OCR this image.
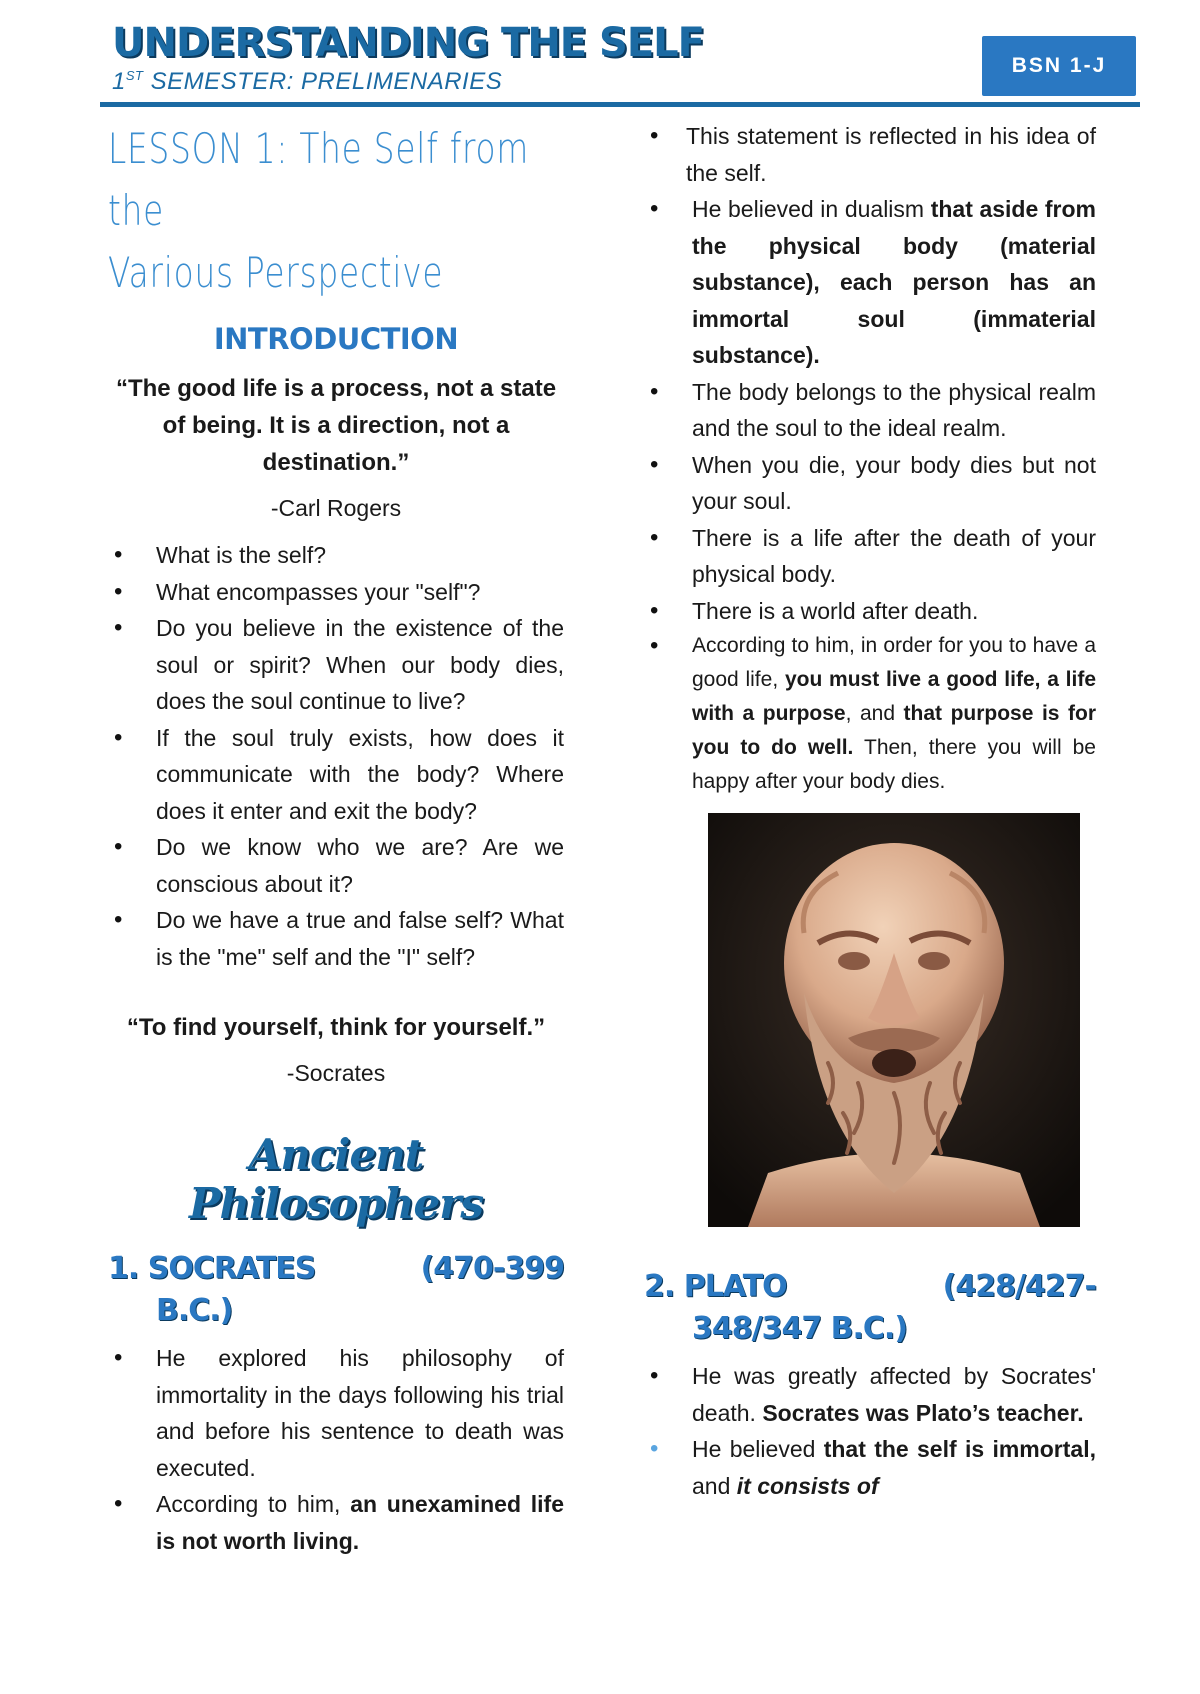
UNDERSTANDING THE SELF

1ST SEMESTER: PRELIMENARIES

BSN 1-J
LESSON 1: The Self from the
Various Perspective
INTRODUCTION

“The good life is a process, not a state of being. It is a direction, not a destination.”

-Carl Rogers

• What is the self?
• What encompasses your "self"?
• Do you believe in the existence of the soul or spirit? When our body dies, does the soul continue to live?
• If the soul truly exists, how does it communicate with the body? Where does it enter and exit the body?
• Do we know who we are? Are we conscious about it?
• Do we have a true and false self? What is the "me" self and the "I" self?

“To find yourself, think for yourself.”

-Socrates

Ancient Philosophers
1. SOCRATES	(470-399
B.C.)
• He explored his philosophy of immortality in the days following his trial and before his sentence to death was executed.
• According to him, an unexamined life is not worth living.
• This statement is reflected in his idea of the self.
• He believed in dualism that aside from the physical body (material substance), each person has an immortal soul (immaterial substance).
• The body belongs to the physical realm and the soul to the ideal realm.
• When you die, your body dies but not your soul.
• There is a life after the death of your physical body.
• There is a world after death.
• According to him, in order for you to have a good life, you must live a good life, a life with a purpose, and that purpose is for you to do well. Then, there you will be happy after your body dies.
2. PLATO	(428/427-
348/347 B.C.)
• He was greatly affected by Socrates' death. Socrates was Plato’s teacher.
• He believed that the self is immortal, and it consists of
